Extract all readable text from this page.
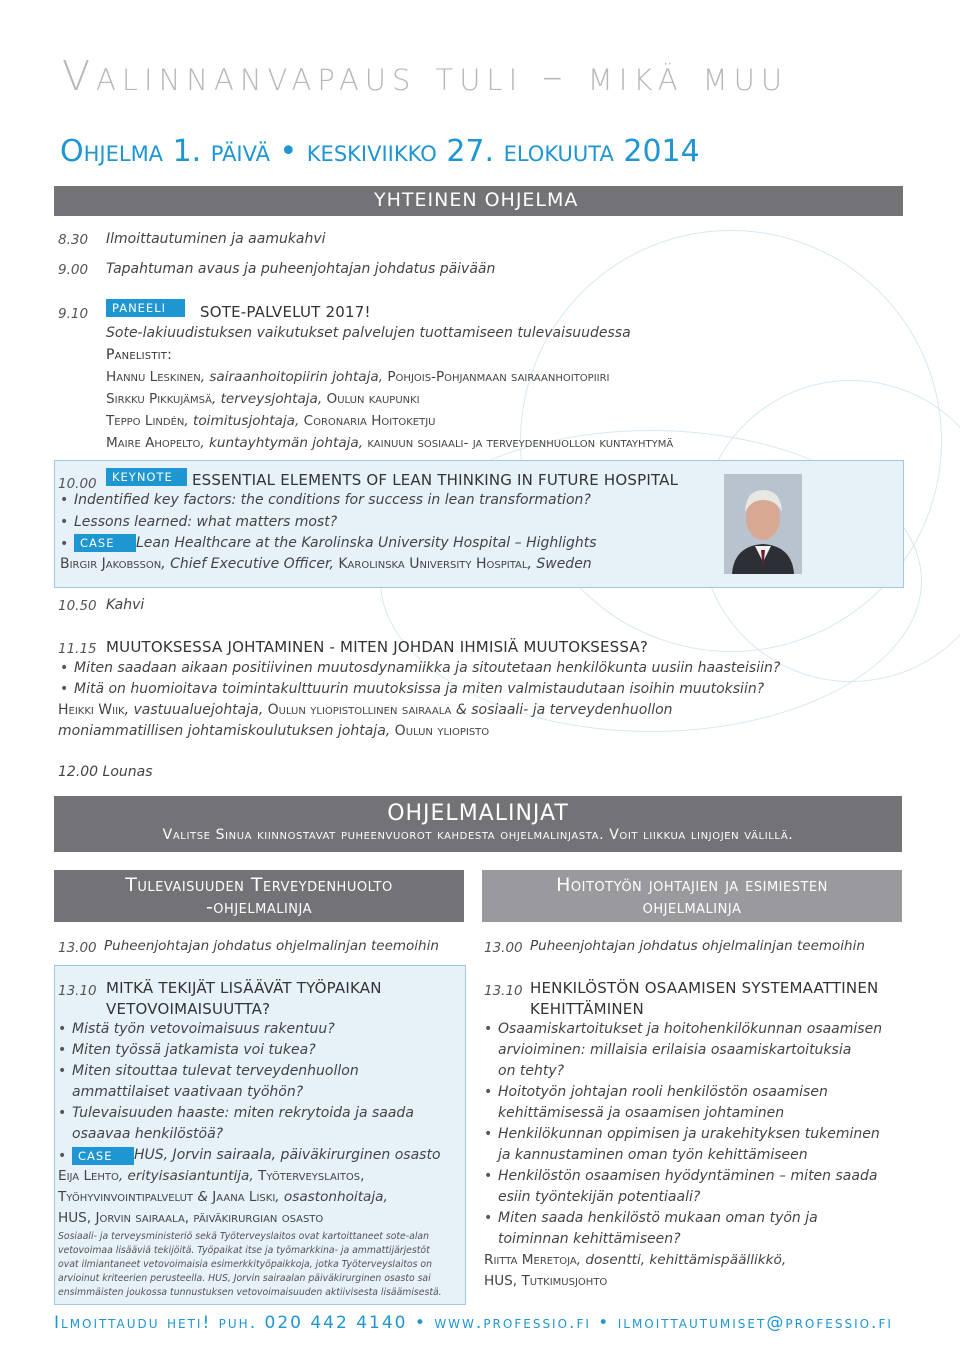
Valinnanvapaus tuli – mikä muu
Ohjelma 1. päivä • keskiviikko 27. elokuuta 2014
YHTEINEN OHJELMA
8.30 Ilmoittautuminen ja aamukahvi
9.00 Tapahtuman avaus ja puheenjohtajan johdatus päivään
9.10	PANEELI	SOTE-PALVELUT 2017!
Sote-lakiuudistuksen vaikutukset palvelujen tuottamiseen tulevaisuudessa
Panelistit:
Hannu Leskinen, sairaanhoitopiirin johtaja, Pohjois-Pohjanmaan sairaanhoitopiiri
Sirkku Pikkujämsä, terveysjohtaja, Oulun kaupunki
Teppo Lindén, toimitusjohtaja, Coronaria Hoitoketju
Maire Ahopelto, kuntayhtymän johtaja, kainuun sosiaali- ja terveydenhuollon kuntayhtymä
10.00	KEYNOTE	ESSENTIAL ELEMENTS OF LEAN THINKING IN FUTURE HOSPITAL
• Indentified key factors: the conditions for success in lean transformation?
• Lessons learned: what matters most?
CASE	Lean Healthcare at the Karolinska University Hospital – Highlights
Birgir Jakobsson, Chief Executive Officer, Karolinska University Hospital, Sweden
10.50 Kahvi
11.15 MUUTOKSESSA JOHTAMINEN - MITEN JOHDAN IHMISIÄ MUUTOKSESSA?
• Miten saadaan aikaan positiivinen muutosdynamiikka ja sitoutetaan henkilökunta uusiin haasteisiin?
• Mitä on huomioitava toimintakulttuurin muutoksissa ja miten valmistaudutaan isoihin muutoksiin?
Heikki Wiik, vastuualuejohtaja, Oulun yliopistollinen sairaala & sosiaali- ja terveydenhuollon
moniammatillisen johtamiskoulutuksen johtaja, Oulun yliopisto
12.00 Lounas
OHJELMALINJAT
Valitse Sinua kiinnostavat puheenvuorot kahdesta ohjelmalinjasta. Voit liikkua linjojen välillä.
Tulevaisuuden Terveydenhuolto
-ohjelmalinja
Hoitotyön johtajien ja esimiesten
ohjelmalinja
13.00 Puheenjohtajan johdatus ohjelmalinjan teemoihin	13.00 Puheenjohtajan johdatus ohjelmalinjan teemoihin
13.10 MITKÄ TEKIJÄT LISÄÄVÄT TYÖPAIKAN
VETOVOIMAISUUTTA?
• Mistä työn vetovoimaisuus rakentuu?
• Miten työssä jatkamista voi tukea?
• Miten sitouttaa tulevat terveydenhuollon
ammattilaiset vaativaan työhön?
• Tulevaisuuden haaste: miten rekrytoida ja saada
osaavaa henkilöstöä?
CASE	HUS, Jorvin sairaala, päiväkirurginen osasto
Eija Lehto, erityisasiantuntija, Työterveyslaitos,
Työhyvinvointipalvelut & Jaana Liski, osastonhoitaja,
HUS, Jorvin sairaala, päiväkirurgian osasto
Sosiaali- ja terveysministeriö sekä Työterveyslaitos ovat kartoittaneet sote-alan
vetovoimaa lisääviä tekijöitä. Työpaikat itse ja työmarkkina- ja ammattijärjestöt
ovat ilmiantaneet vetovoimaisia esimerkkityöpaikkoja, jotka Työterveyslaitos on
arvioinut kriteerien perusteella. HUS, Jorvin sairaalan päiväkirurginen osasto sai
ensimmäisten joukossa tunnustuksen vetovoimaisuuden aktiivisesta lisäämisestä.
13.10 HENKILÖSTÖN OSAAMISEN SYSTEMAATTINEN
KEHITTÄMINEN
• Osaamiskartoitukset ja hoitohenkilökunnan osaamisen
arvioiminen: millaisia erilaisia osaamiskartoituksia
on tehty?
• Hoitotyön johtajan rooli henkilöstön osaamisen
kehittämisessä ja osaamisen johtaminen
• Henkilökunnan oppimisen ja urakehityksen tukeminen
ja kannustaminen oman työn kehittämiseen
• Henkilöstön osaamisen hyödyntäminen – miten saada
esiin työntekijän potentiaali?
• Miten saada henkilöstö mukaan oman työn ja
toiminnan kehittämiseen?
Riitta Meretoja, dosentti, kehittämispäällikkö,
HUS, Tutkimusjohto
Ilmoittaudu heti! puh. 020 442 4140 • www.professio.fi • ilmoittautumiset@professio.fi
